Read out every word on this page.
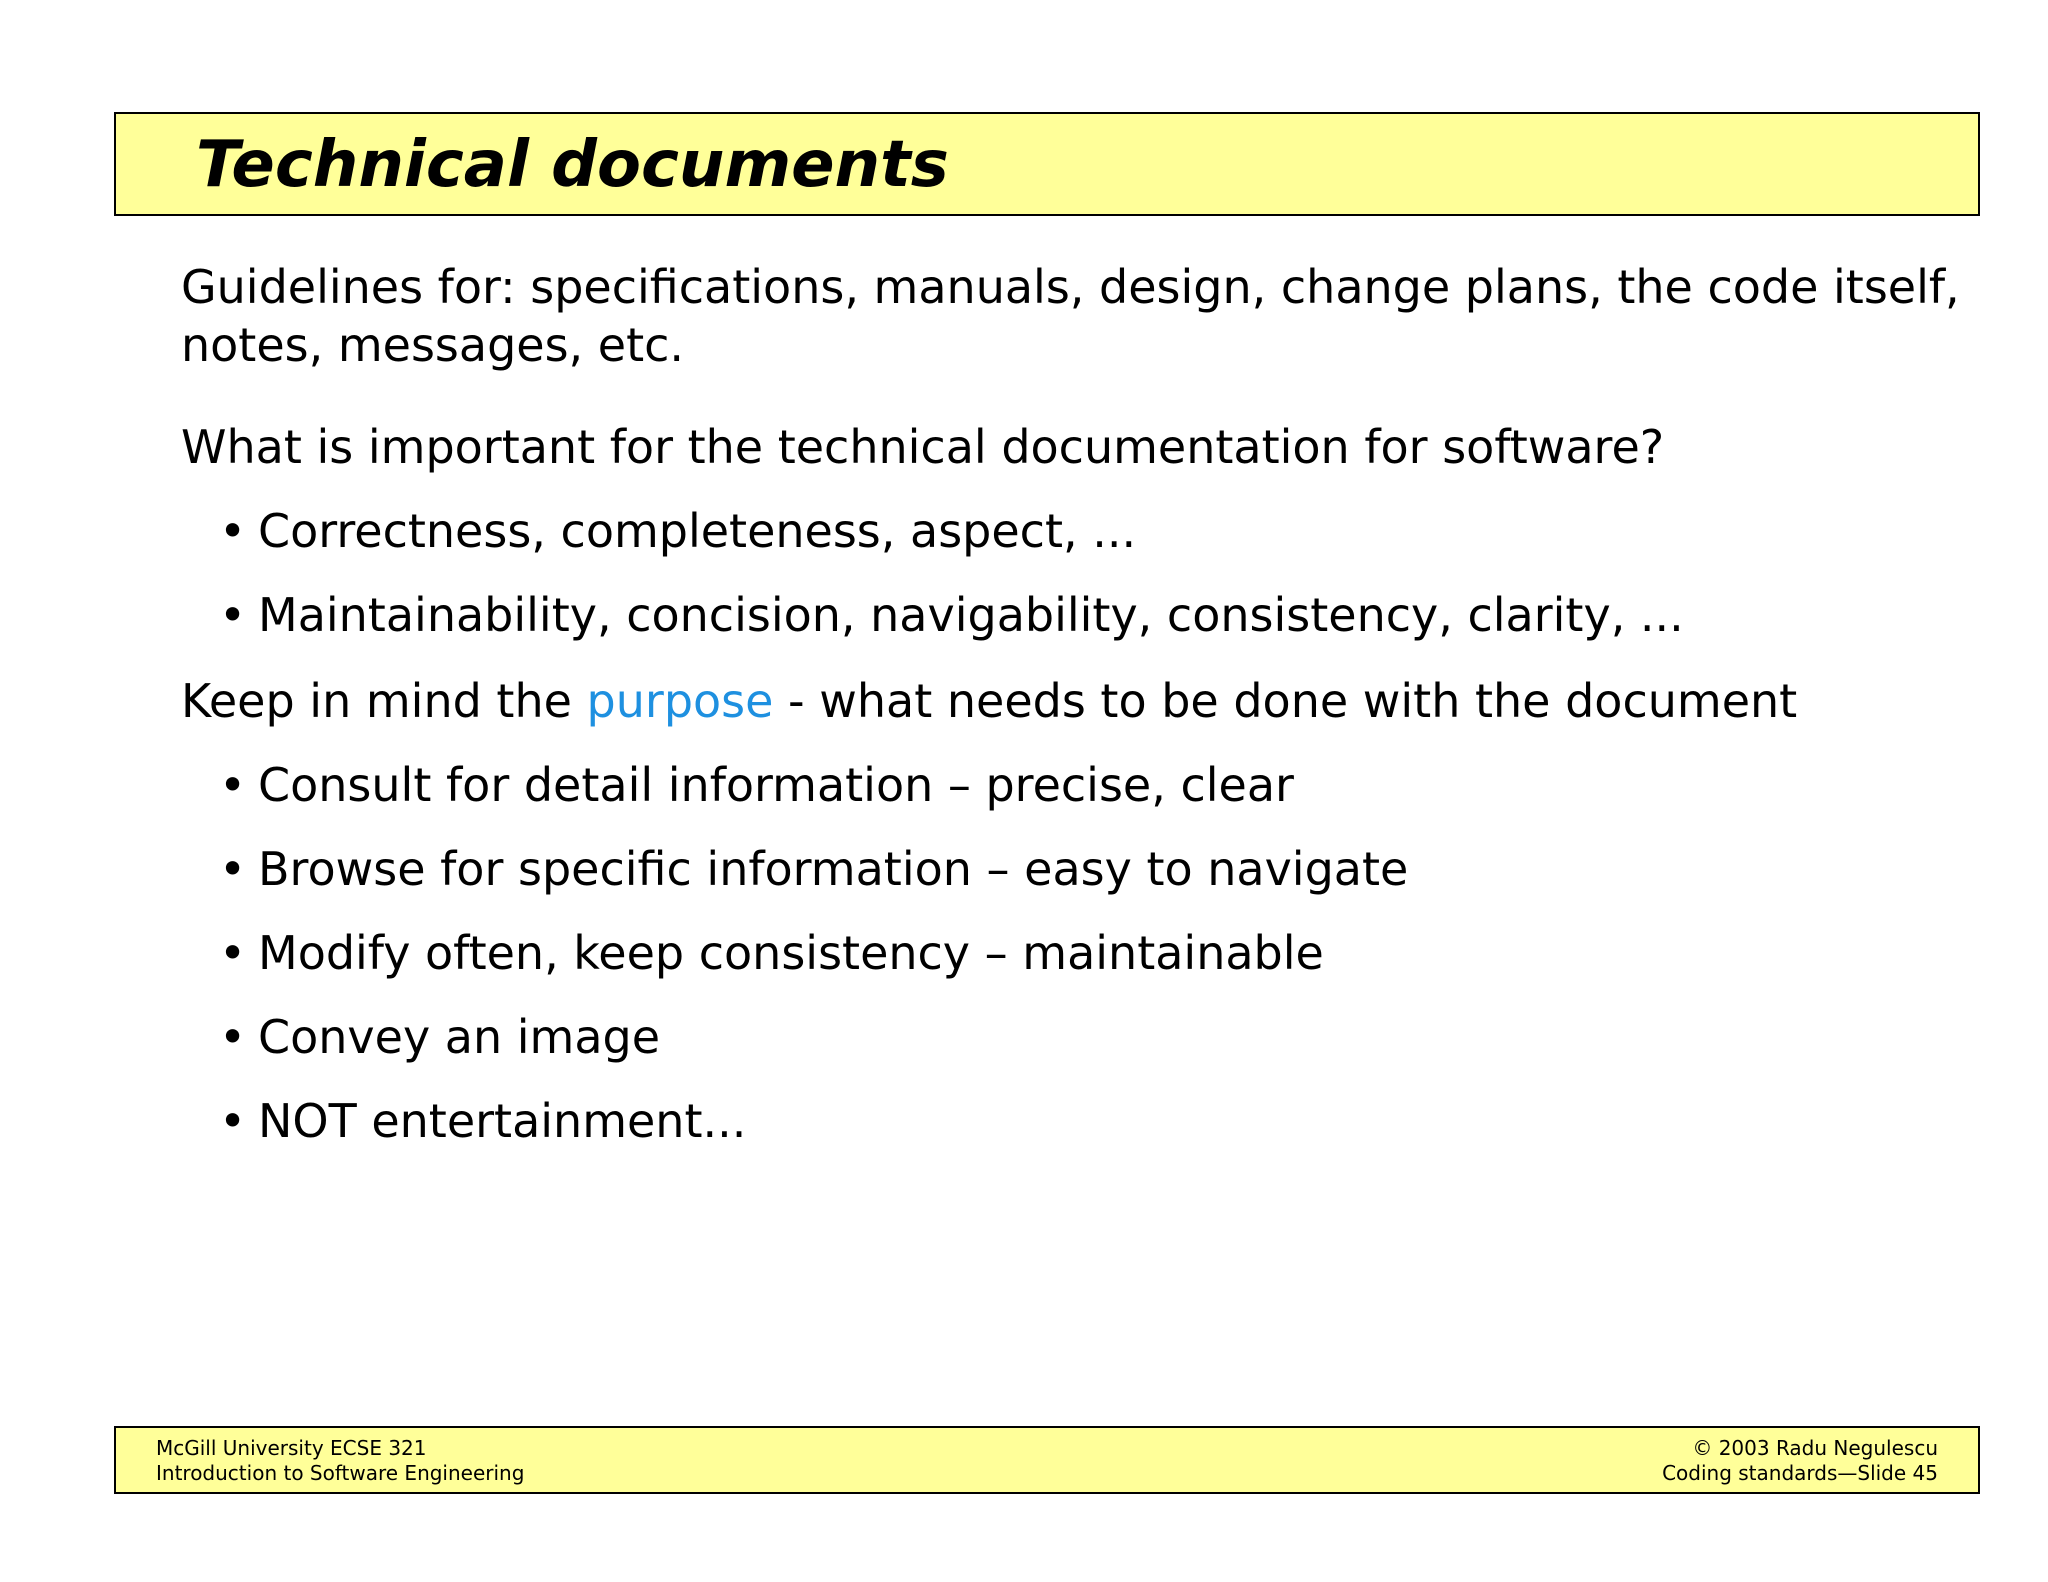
Technical documents

Guidelines for: specifications, manuals, design, change plans, the code itself, notes, messages, etc.

What is important for the technical documentation for software?

• Correctness, completeness, aspect, ...
• Maintainability, concision, navigability, consistency, clarity, ...

Keep in mind the purpose - what needs to be done with the document

• Consult for detail information – precise, clear
• Browse for specific information – easy to navigate
• Modify often, keep consistency – maintainable
• Convey an image
• NOT entertainment...
McGill University ECSE 321
Introduction to Software Engineering
© 2003 Radu Negulescu
Coding standards—Slide 45
